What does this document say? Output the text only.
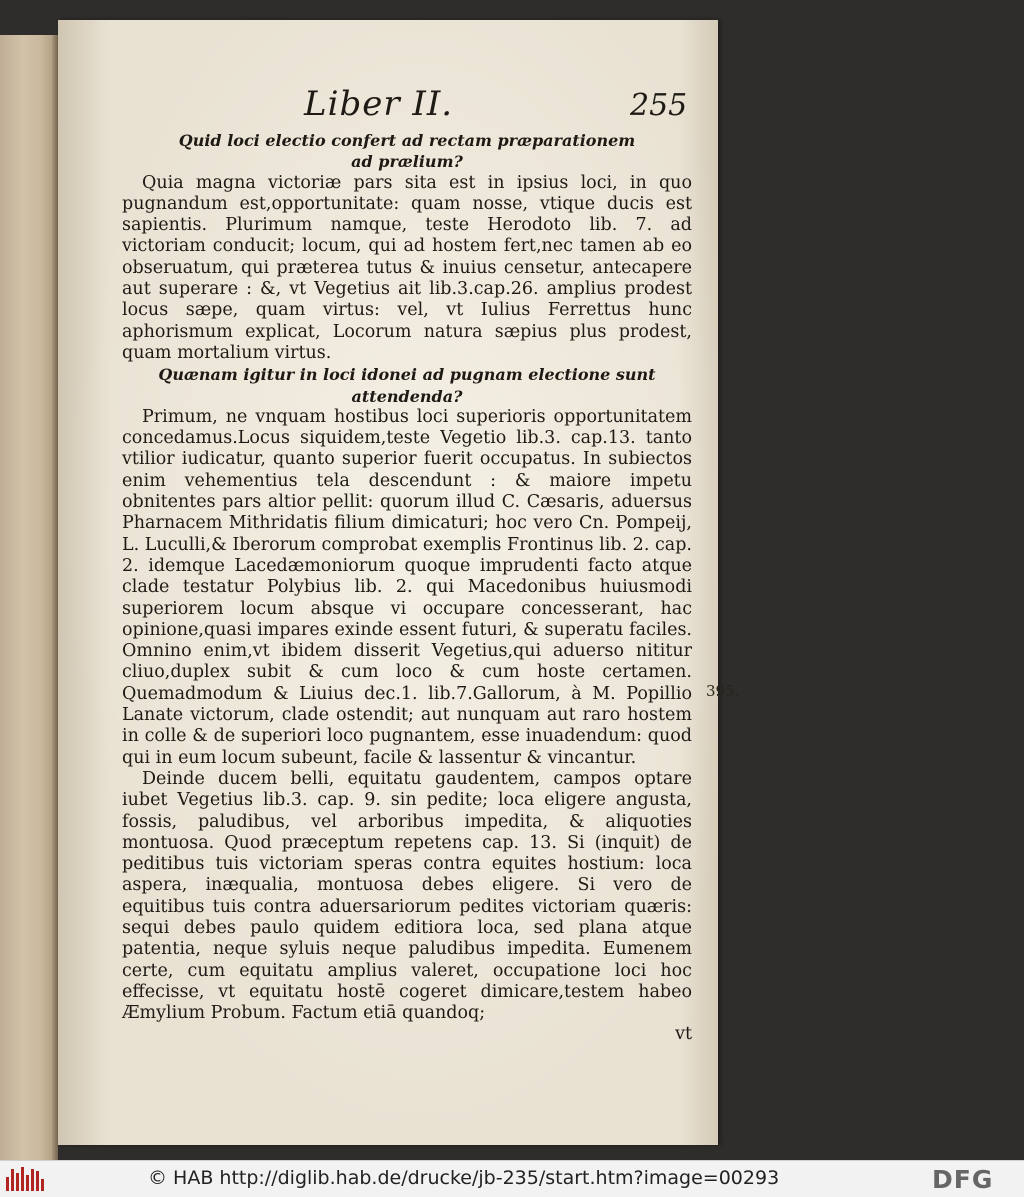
Liber II.	255
Quid loci electio confert ad rectam præparationem
ad prælium?

Quia magna victoriæ pars sita est in ipsius loci, in quo pugnandum est,opportunitate: quam nosse, vtique ducis est sapientis. Plurimum namque, teste Herodoto lib. 7. ad victoriam conducit; locum, qui ad hostem fert,nec tamen ab eo obseruatum, qui præterea tutus & inuius censetur, antecapere aut superare : &, vt Vegetius ait lib.3.cap.26. amplius prodest locus sæpe, quam virtus: vel, vt Iulius Ferrettus hunc aphorismum explicat, Locorum natura sæpius plus prodest, quam mortalium virtus.

Quænam igitur in loci idonei ad pugnam electione sunt
attendenda?

Primum, ne vnquam hostibus loci superioris opportunitatem concedamus.Locus siquidem,teste Vegetio lib.3. cap.13. tanto vtilior iudicatur, quanto superior fuerit occupatus. In subiectos enim vehementius tela descendunt : & maiore impetu obnitentes pars altior pellit: quorum illud C. Cæsaris, aduersus Pharnacem Mithridatis filium dimicaturi; hoc vero Cn. Pompeij, L. Luculli,& Iberorum comprobat exemplis Frontinus lib. 2. cap. 2. idemque Lacedæmoniorum quoque imprudenti facto atque clade testatur Polybius lib. 2. qui Macedonibus huiusmodi superiorem locum absque vi occupare concesserant, hac opinione,quasi impares exinde essent futuri, & superatu faciles. Omnino enim,vt ibidem disserit Vegetius,qui aduerso nititur cliuo,duplex subit & cum loco & cum hoste certamen. Quemadmodum & Liuius dec.1. lib.7.Gallorum, à M. Popillio Lanate victorum, clade ostendit; aut nunquam aut raro hostem in colle & de superiori loco pugnantem, esse inuadendum: quod qui in eum locum subeunt, facile & lassentur & vincantur.

Deinde ducem belli, equitatu gaudentem, campos optare iubet Vegetius lib.3. cap. 9. sin pedite; loca eligere angusta, fossis, paludibus, vel arboribus impedita, & aliquoties montuosa. Quod præceptum repetens cap. 13. Si (inquit) de peditibus tuis victoriam speras contra equites hostium: loca aspera, inæqualia, montuosa debes eligere. Si vero de equitibus tuis contra aduersariorum pedites victoriam quæris: sequi debes paulo quidem editiora loca, sed plana atque patentia, neque syluis neque paludibus impedita. Eumenem certe, cum equitatu amplius valeret, occupatione loci hoc effecisse, vt equitatu hostē cogeret dimicare,testem habeo Æmylium Probum. Factum etiā quandoq;

vt

395.
© HAB http://diglib.hab.de/drucke/jb-235/start.htm?image=00293	DFG
